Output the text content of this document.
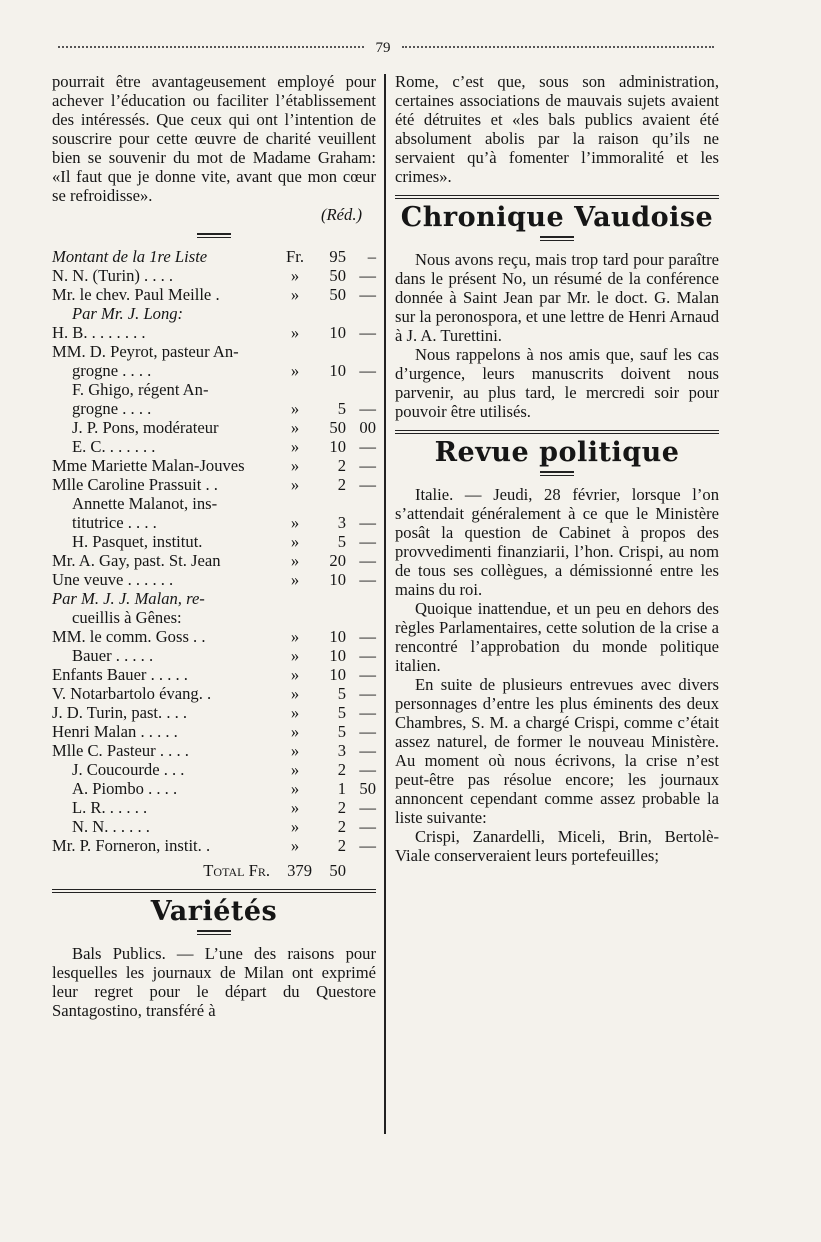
79

pourrait être avantageusement employé pour achever l’éducation ou faciliter l’établissement des intéressés. Que ceux qui ont l’intention de souscrire pour cette œuvre de charité veuillent bien se souvenir du mot de Madame Graham: «Il faut que je donne vite, avant que mon cœur se refroidisse».

(Réd.)

Montant de la 1re Liste	Fr.	95	–
N. N. (Turin) . . . .	»	50	—
Mr. le chev. Paul Meille .	»	50	—
Par Mr. J. Long:			
H. B. . . . . . . .	»	10	—
MM. D. Peyrot, pasteur An-			
grogne . . . .	»	10	—
F. Ghigo, régent An-			
grogne . . . .	»	5	—
J. P. Pons, modérateur	»	50	00
E. C. . . . . . .	»	10	—
Mme Mariette Malan-Jouves	»	2	—
Mlle Caroline Prassuit . .	»	2	—
Annette Malanot, ins-			
titutrice . . . .	»	3	—
H. Pasquet, institut.	»	5	—
Mr. A. Gay, past. St. Jean	»	20	—
Une veuve . . . . . .	»	10	—
Par M. J. J. Malan, re-			
cueillis à Gênes:			
MM. le comm. Goss . .	»	10	—
Bauer . . . . .	»	10	—
Enfants Bauer . . . . .	»	10	—
V. Notarbartolo évang. .	»	5	—
J. D. Turin, past. . . .	»	5	—
Henri Malan . . . . .	»	5	—
Mlle C. Pasteur . . . .	»	3	—
J. Coucourde . . .	»	2	—
A. Piombo . . . .	»	1	50
L. R. . . . . .	»	2	—
N. N. . . . . .	»	2	—
Mr. P. Forneron, instit. .	»	2	—
Total Fr.	379	50	
Variétés

Bals Publics. — L’une des raisons pour lesquelles les journaux de Milan ont exprimé leur regret pour le départ du Questore Santagostino, transféré à

Rome, c’est que, sous son administration, certaines associations de mauvais sujets avaient été détruites et «les bals publics avaient été absolument abolis par la raison qu’ils ne servaient qu’à fomenter l’immoralité et les crimes».

Chronique Vaudoise

Nous avons reçu, mais trop tard pour paraître dans le présent No, un résumé de la conférence donnée à Saint Jean par Mr. le doct. G. Malan sur la peronospora, et une lettre de Henri Arnaud à J. A. Turettini.

Nous rappelons à nos amis que, sauf les cas d’urgence, leurs manuscrits doivent nous parvenir, au plus tard, le mercredi soir pour pouvoir être utilisés.

Revue politique

Italie. — Jeudi, 28 février, lorsque l’on s’attendait généralement à ce que le Ministère posât la question de Cabinet à propos des provvedimenti finanziarii, l’hon. Crispi, au nom de tous ses collègues, a démissionné entre les mains du roi.

Quoique inattendue, et un peu en dehors des règles Parlamentaires, cette solution de la crise a rencontré l’approbation du monde politique italien.

En suite de plusieurs entrevues avec divers personnages d’entre les plus éminents des deux Chambres, S. M. a chargé Crispi, comme c’était assez naturel, de former le nouveau Ministère. Au moment où nous écrivons, la crise n’est peut-être pas résolue encore; les journaux annoncent cependant comme assez probable la liste suivante:

Crispi, Zanardelli, Miceli, Brin, Bertolè-Viale conserveraient leurs portefeuilles;
